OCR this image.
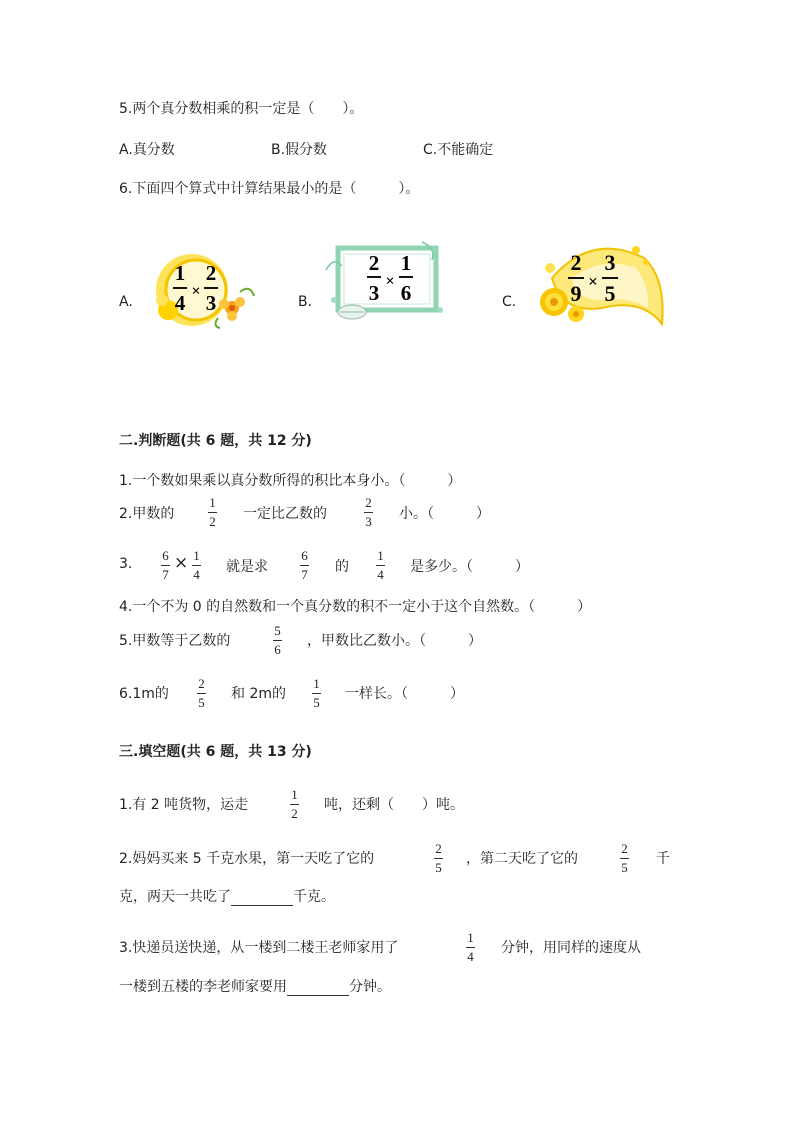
5.两个真分数相乘的积一定是（　　）。
A.真分数	B.假分数	C.不能确定
6.下面四个算式中计算结果最小的是（　　　）。
A.	B.	C.
1
4 ×
2
3
2
3 ×
1
6
2
9 ×
3
5
二.判断题(共 6 题，共 12 分)
1.一个数如果乘以真分数所得的积比本身小。（　　　）
2.甲数的
1
2 一定比乙数的
2
3 小。（　　　）
3.
6
7
× 1
4 就是求
6
7 的
1
4 是多少。（　　　）
4.一个不为 0 的自然数和一个真分数的积不一定小于这个自然数。（　　　）
5.甲数等于乙数的
5
6
，甲数比乙数小。（　　　）
6.1m的
2
5
和 2m的
1
5
一样长。（　　　）
三.填空题(共 6 题，共 13 分)
1.有 2 吨货物，运走
1
2
吨，还剩（　　）吨。
2.妈妈买来 5 千克水果，第一天吃了它的
2
5
，第二天吃了它的
2
5
千
克，两天一共吃了	千克。
3.快递员送快递，从一楼到二楼王老师家用了
1
4
分钟，用同样的速度从
一楼到五楼的李老师家要用	分钟。
